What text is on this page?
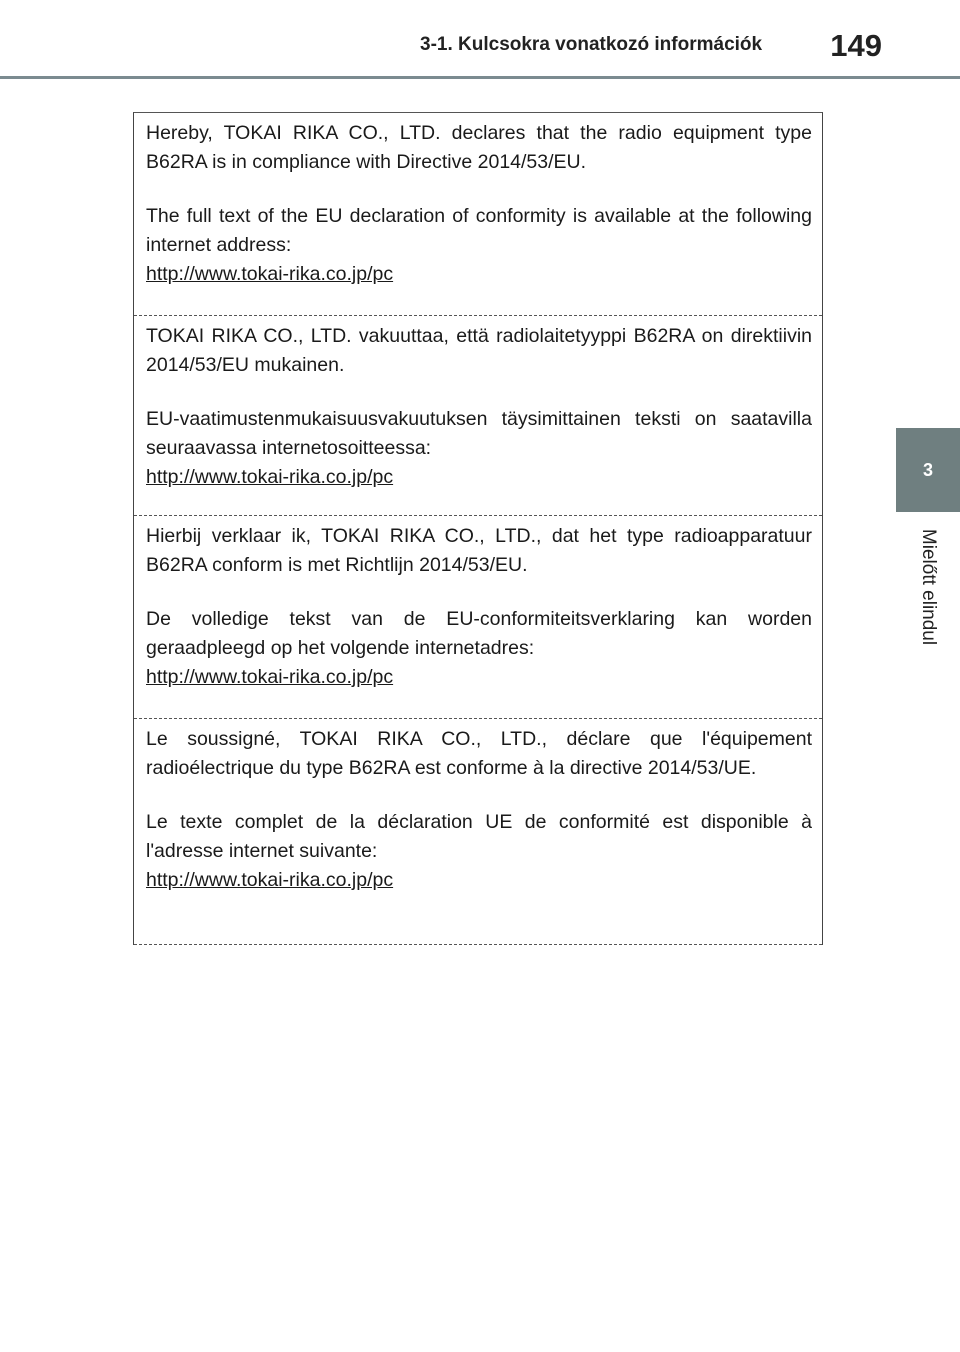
3-1. Kulcsokra vonatkozó információk 149
3
Mielőtt elindul

Hereby, TOKAI RIKA CO., LTD. declares that the radio equipment type B62RA is in compliance with Directive 2014/53/EU.

The full text of the EU declaration of conformity is available at the following internet address:

http://www.tokai-rika.co.jp/pc

TOKAI RIKA CO., LTD. vakuuttaa, että radiolaitetyyppi B62RA on direktiivin 2014/53/EU mukainen.

EU-vaatimustenmukaisuusvakuutuksen täysimittainen teksti on saatavilla seuraavassa internetosoitteessa:

http://www.tokai-rika.co.jp/pc

Hierbij verklaar ik, TOKAI RIKA CO., LTD., dat het type radioapparatuur B62RA conform is met Richtlijn 2014/53/EU.

De volledige tekst van de EU-conformiteitsverklaring kan worden geraadpleegd op het volgende internetadres:

http://www.tokai-rika.co.jp/pc

Le soussigné, TOKAI RIKA CO., LTD., déclare que l'équipement radioélectrique du type B62RA est conforme à la directive 2014/53/UE.

Le texte complet de la déclaration UE de conformité est disponible à l'adresse internet suivante:

http://www.tokai-rika.co.jp/pc
